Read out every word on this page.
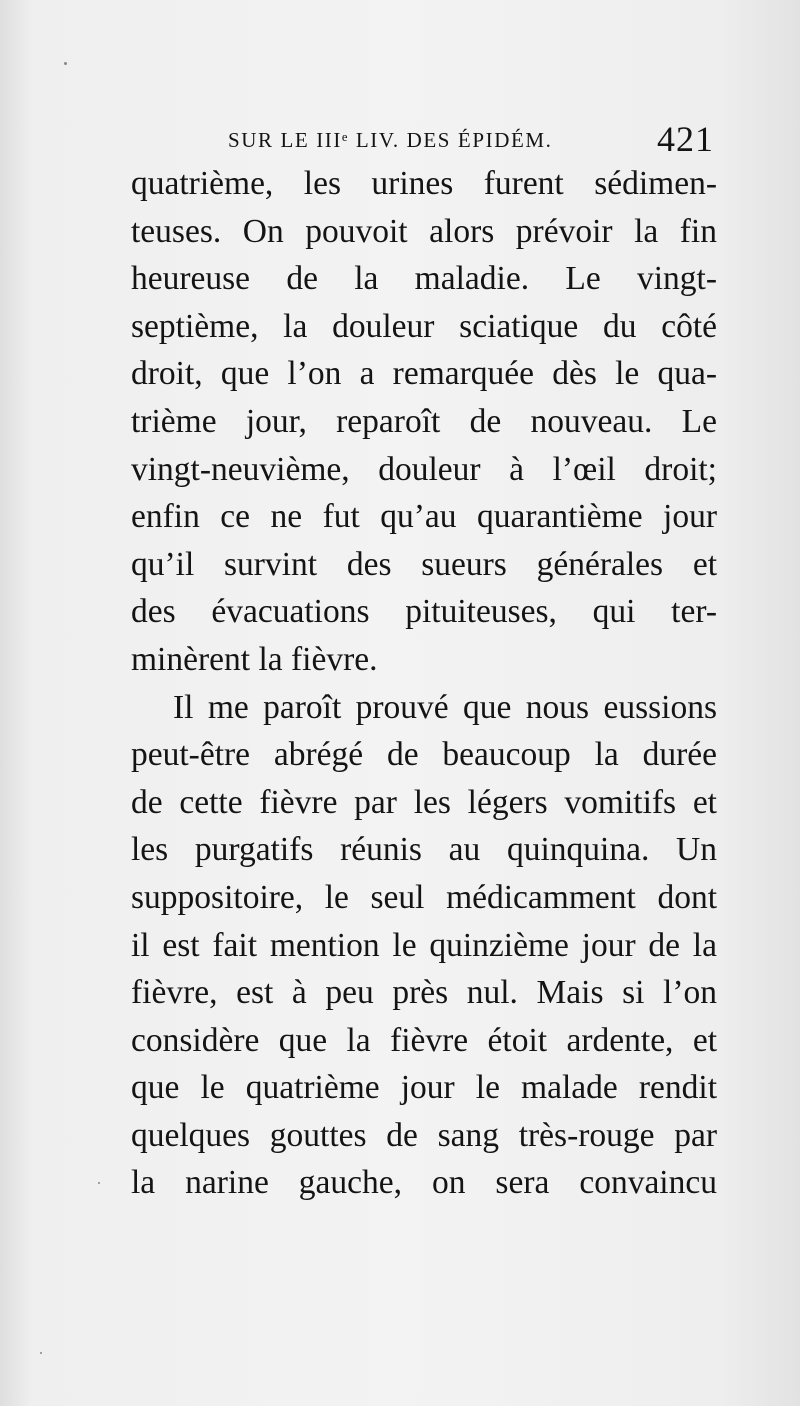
SUR LE IIIᵉ LIV. DES ÉPIDÉM.	421
quatrième, les urines furent sédimen-
teuses. On pouvoit alors prévoir la fin
heureuse de la maladie. Le vingt-
septième, la douleur sciatique du côté
droit, que l’on a remarquée dès le qua-
trième jour, reparoît de nouveau. Le
vingt-neuvième, douleur à l’œil droit;
enfin ce ne fut qu’au quarantième jour
qu’il survint des sueurs générales et
des évacuations pituiteuses, qui ter-
minèrent la fièvre.
Il me paroît prouvé que nous eussions
peut-être abrégé de beaucoup la durée
de cette fièvre par les légers vomitifs et
les purgatifs réunis au quinquina. Un
suppositoire, le seul médicamment dont
il est fait mention le quinzième jour de la
fièvre, est à peu près nul. Mais si l’on
considère que la fièvre étoit ardente, et
que le quatrième jour le malade rendit
quelques gouttes de sang très-rouge par
la narine gauche, on sera convaincu
